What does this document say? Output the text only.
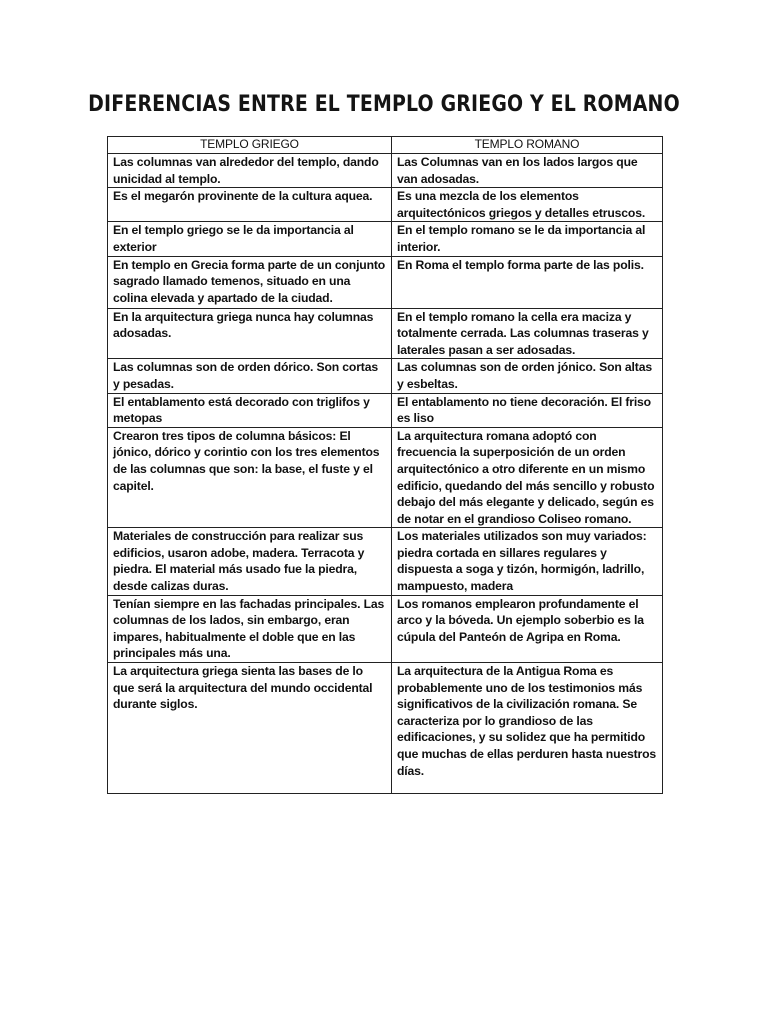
DIFERENCIAS ENTRE EL TEMPLO GRIEGO Y EL ROMANO
TEMPLO GRIEGO	TEMPLO ROMANO
Las columnas van alrededor del templo, dando unicidad al templo.	Las Columnas van en los lados largos que van adosadas.
Es el megarón provinente de la cultura aquea.	Es una mezcla de los elementos arquitectónicos griegos y detalles etruscos.
En el templo griego se le da importancia al exterior	En el templo romano se le da importancia al interior.
En templo en Grecia forma parte de un conjunto sagrado llamado temenos, situado en una colina elevada y apartado de la ciudad.	En Roma el templo forma parte de las polis.
En la arquitectura griega nunca hay columnas adosadas.	En el templo romano la cella era maciza y totalmente cerrada. Las columnas traseras y laterales pasan a ser adosadas.
Las columnas son de orden dórico. Son cortas y pesadas.	Las columnas son de orden jónico. Son altas y esbeltas.
El entablamento está decorado con triglifos y metopas	El entablamento no tiene decoración. El friso es liso
Crearon tres tipos de columna básicos: El jónico, dórico y corintio con los tres elementos de las columnas que son: la base, el fuste y el capitel.	La arquitectura romana adoptó con frecuencia la superposición de un orden arquitectónico a otro diferente en un mismo edificio, quedando del más sencillo y robusto debajo del más elegante y delicado, según es de notar en el grandioso Coliseo romano.
Materiales de construcción para realizar sus edificios, usaron adobe, madera. Terracota y piedra. El material más usado fue la piedra, desde calizas duras.	Los materiales utilizados son muy variados: piedra cortada en sillares regulares y dispuesta a soga y tizón, hormigón, ladrillo, mampuesto, madera
Tenían siempre en las fachadas principales. Las columnas de los lados, sin embargo, eran impares, habitualmente el doble que en las principales más una.	Los romanos emplearon profundamente el arco y la bóveda. Un ejemplo soberbio es la cúpula del Panteón de Agripa en Roma.
La arquitectura griega sienta las bases de lo que será la arquitectura del mundo occidental durante siglos.	La arquitectura de la Antigua Roma es probablemente uno de los testimonios más significativos de la civilización romana. Se caracteriza por lo grandioso de las edificaciones, y su solidez que ha permitido que muchas de ellas perduren hasta nuestros días.
